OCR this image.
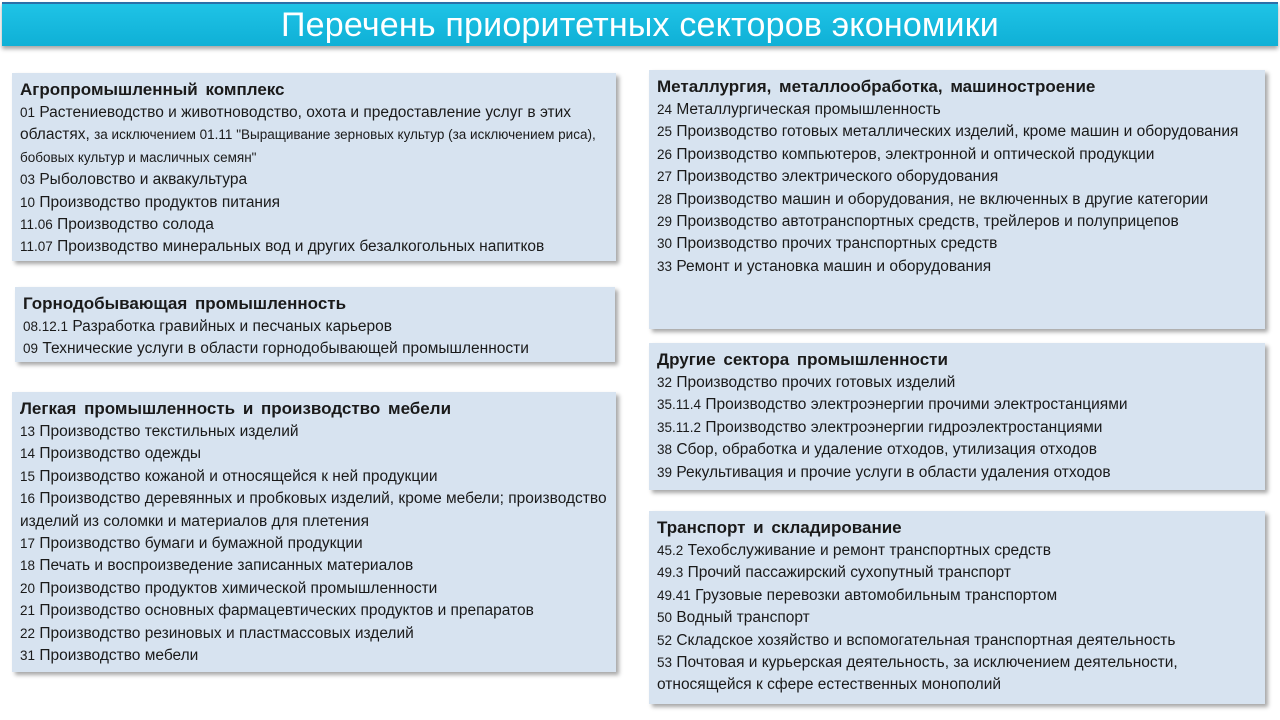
Перечень приоритетных секторов экономики
Агропромышленный комплекс
01 Растениеводство и животноводство, охота и предоставление услуг в этих областях, за исключением 01.11 "Выращивание зерновых культур (за исключением риса), бобовых культур и масличных семян"
03 Рыболовство и аквакультура
10 Производство продуктов питания
11.06 Производство солода
11.07 Производство минеральных вод и других безалкогольных напитков
Горнодобывающая промышленность
08.12.1 Разработка гравийных и песчаных карьеров
09 Технические услуги в области горнодобывающей промышленности
Легкая промышленность и производство мебели
13 Производство текстильных изделий
14 Производство одежды
15 Производство кожаной и относящейся к ней продукции
16 Производство деревянных и пробковых изделий, кроме мебели; производство изделий из соломки и материалов для плетения
17 Производство бумаги и бумажной продукции
18 Печать и воспроизведение записанных материалов
20 Производство продуктов химической промышленности
21 Производство основных фармацевтических продуктов и препаратов
22 Производство резиновых и пластмассовых изделий
31 Производство мебели
Металлургия, металлообработка, машиностроение
24 Металлургическая промышленность
25 Производство готовых металлических изделий, кроме машин и оборудования
26 Производство компьютеров, электронной и оптической продукции
27 Производство электрического оборудования
28 Производство машин и оборудования, не включенных в другие категории
29 Производство автотранспортных средств, трейлеров и полуприцепов
30 Производство прочих транспортных средств
33 Ремонт и установка машин и оборудования
Другие сектора промышленности
32 Производство прочих готовых изделий
35.11.4 Производство электроэнергии прочими электростанциями
35.11.2 Производство электроэнергии гидроэлектростанциями
38 Сбор, обработка и удаление отходов, утилизация отходов
39 Рекультивация и прочие услуги в области удаления отходов
Транспорт и складирование
45.2 Техобслуживание и ремонт транспортных средств
49.3 Прочий пассажирский сухопутный транспорт
49.41 Грузовые перевозки автомобильным транспортом
50 Водный транспорт
52 Складское хозяйство и вспомогательная транспортная деятельность
53 Почтовая и курьерская деятельность, за исключением деятельности, относящейся к сфере естественных монополий
